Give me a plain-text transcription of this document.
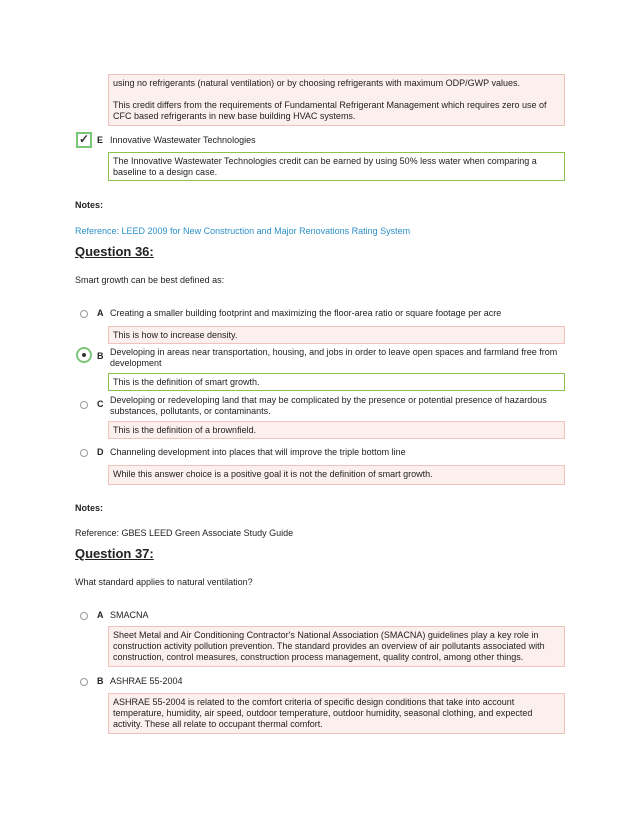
using no refrigerants (natural ventilation) or by choosing refrigerants with maximum ODP/GWP values.
This credit differs from the requirements of Fundamental Refrigerant Management which requires zero use of CFC based refrigerants in new base building HVAC systems.
✓ E Innovative Wastewater Technologies
The Innovative Wastewater Technologies credit can be earned by using 50% less water when comparing a baseline to a design case.
Notes:
Reference: LEED 2009 for New Construction and Major Renovations Rating System
Question 36:
Smart growth can be best defined as:
A Creating a smaller building footprint and maximizing the floor-area ratio or square footage per acre
This is how to increase density.
B Developing in areas near transportation, housing, and jobs in order to leave open spaces and farmland free from development
This is the definition of smart growth.
C Developing or redeveloping land that may be complicated by the presence or potential presence of hazardous substances, pollutants, or contaminants.
This is the definition of a brownfield.
D Channeling development into places that will improve the triple bottom line
While this answer choice is a positive goal it is not the definition of smart growth.
Notes:
Reference: GBES LEED Green Associate Study Guide
Question 37:
What standard applies to natural ventilation?
A SMACNA
Sheet Metal and Air Conditioning Contractor's National Association (SMACNA) guidelines play a key role in construction activity pollution prevention. The standard provides an overview of air pollutants associated with construction, control measures, construction process management, quality control, among other things.
B ASHRAE 55-2004
ASHRAE 55-2004 is related to the comfort criteria of specific design conditions that take into account temperature, humidity, air speed, outdoor temperature, outdoor humidity, seasonal clothing, and expected activity. These all relate to occupant thermal comfort.
